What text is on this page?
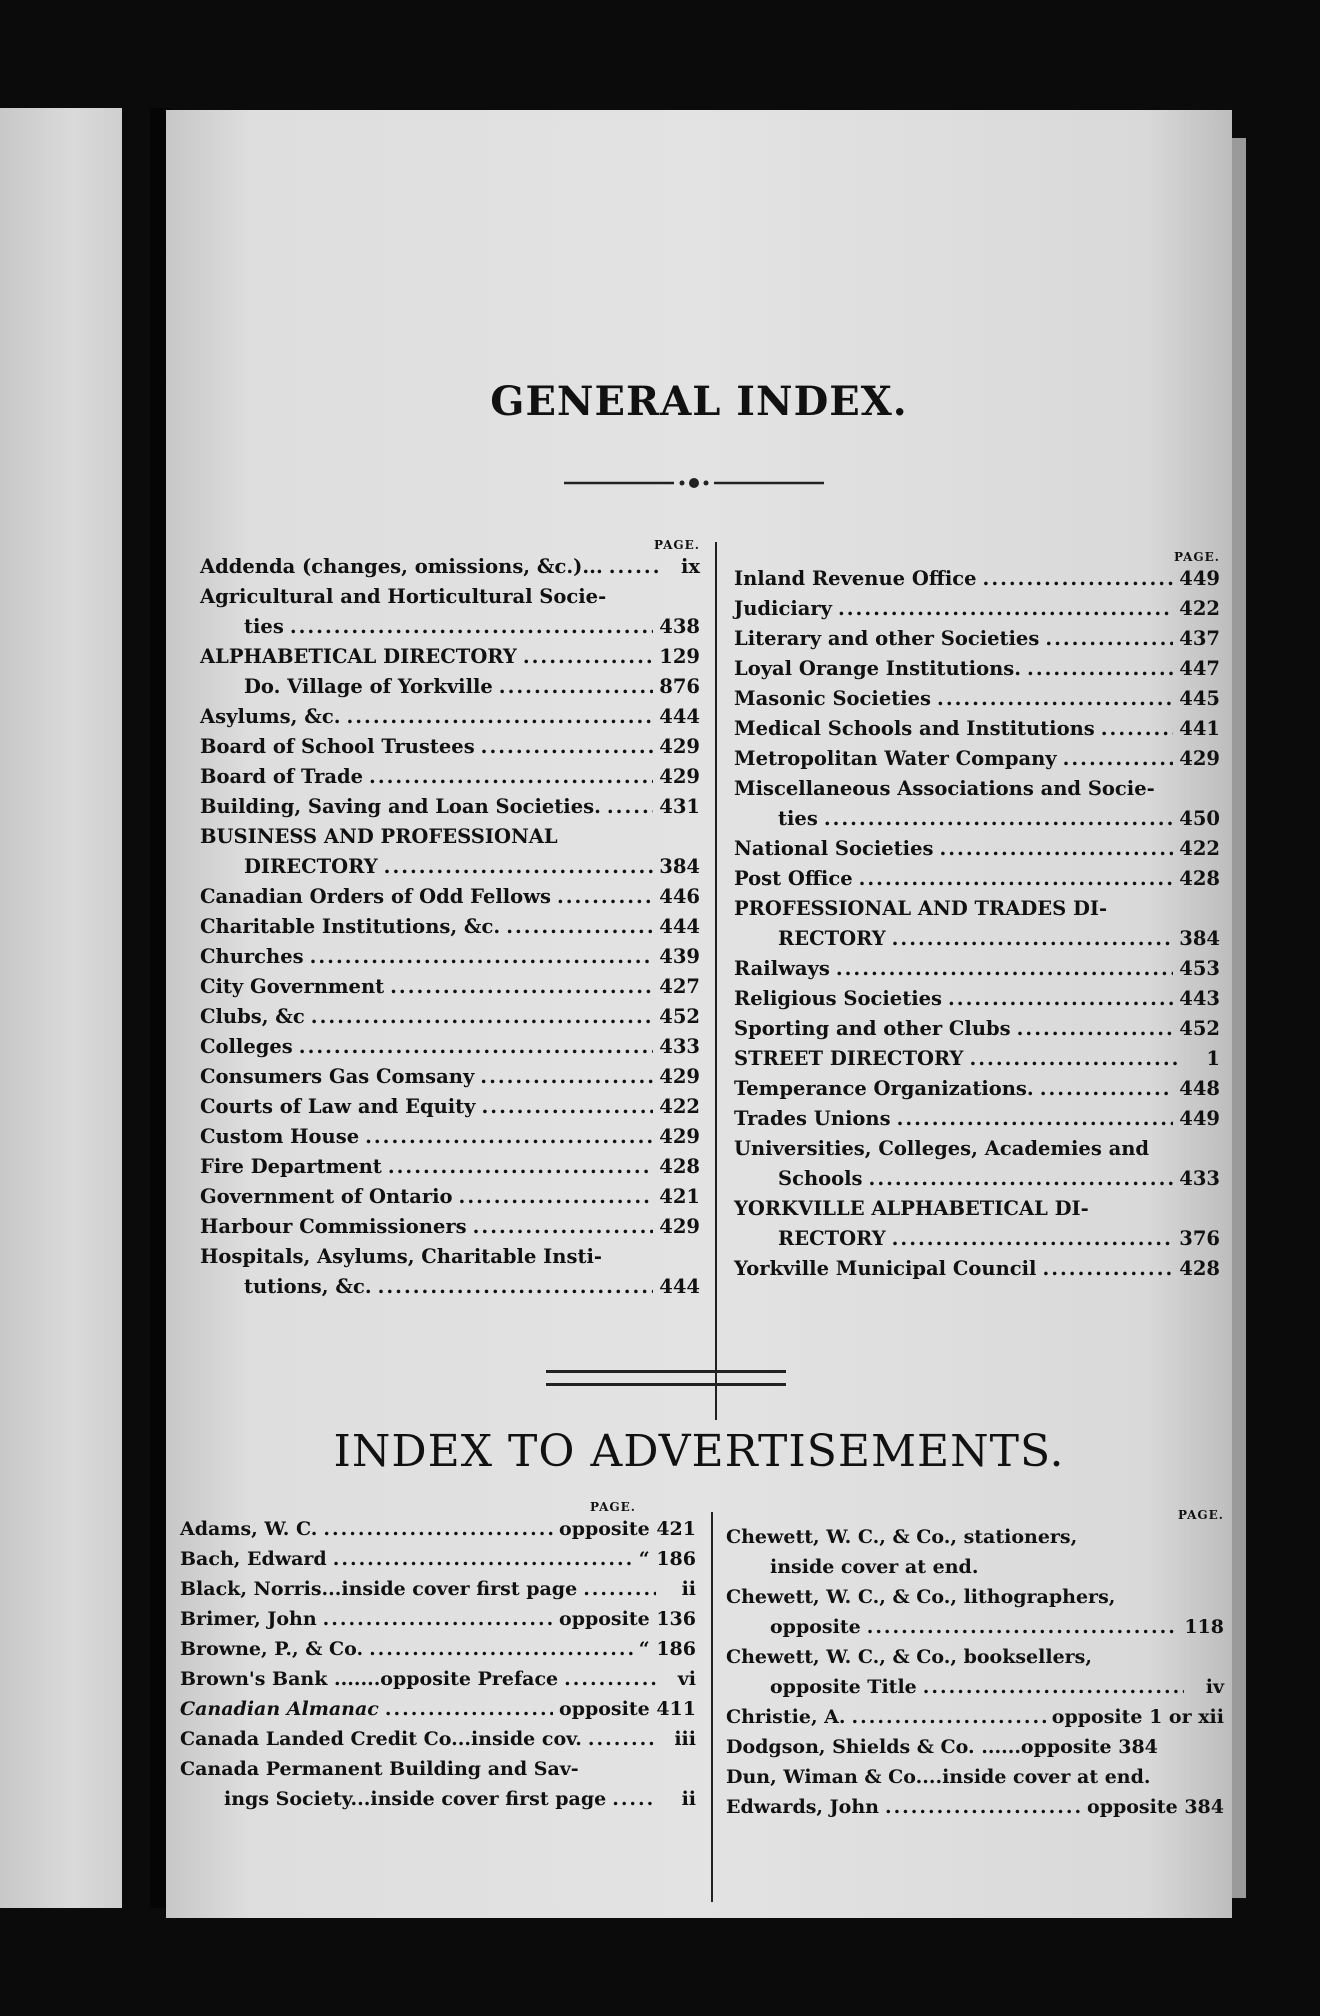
GENERAL INDEX.
PAGE.
Addenda (changes, omissions, &c.)... .....	ix
Agricultural and Horticultural Socie-
ties .....	438
ALPHABETICAL DIRECTORY .....	129
Do. Village of Yorkville .....	876
Asylums, &c. .....	444
Board of School Trustees .....	429
Board of Trade .....	429
Building, Saving and Loan Societies. .....	431
BUSINESS AND PROFESSIONAL
DIRECTORY .....	384
Canadian Orders of Odd Fellows .....	446
Charitable Institutions, &c. .....	444
Churches .....	439
City Government .....	427
Clubs, &c .....	452
Colleges .....	433
Consumers Gas Comsany .....	429
Courts of Law and Equity .....	422
Custom House .....	429
Fire Department .....	428
Government of Ontario .....	421
Harbour Commissioners .....	429
Hospitals, Asylums, Charitable Insti-
tutions, &c. .....	444
PAGE.
Inland Revenue Office .....	449
Judiciary .....	422
Literary and other Societies .....	437
Loyal Orange Institutions. .....	447
Masonic Societies .....	445
Medical Schools and Institutions .....	441
Metropolitan Water Company .....	429
Miscellaneous Associations and Socie-
ties .....	450
National Societies .....	422
Post Office .....	428
PROFESSIONAL AND TRADES DI-
RECTORY .....	384
Railways .....	453
Religious Societies .....	443
Sporting and other Clubs .....	452
STREET DIRECTORY .....	1
Temperance Organizations. .....	448
Trades Unions .....	449
Universities, Colleges, Academies and
Schools .....	433
YORKVILLE ALPHABETICAL DI-
RECTORY .....	376
Yorkville Municipal Council .....	428
INDEX TO ADVERTISEMENTS.
PAGE.
Adams, W. C. .....	opposite 421
Bach, Edward .....	“ 186
Black, Norris...inside cover first page .....	ii
Brimer, John .....	opposite 136
Browne, P., & Co. .....	“ 186
Brown's Bank .......opposite Preface .....	vi
Canadian Almanac .....	opposite 411
Canada Landed Credit Co...inside cov. .....	iii
Canada Permanent Building and Sav-
ings Society...inside cover first page .....	ii
PAGE.
Chewett, W. C., & Co., stationers,
inside cover at end.
Chewett, W. C., & Co., lithographers,
opposite .....	118
Chewett, W. C., & Co., booksellers,
opposite Title .....	iv
Christie, A. .....	opposite 1 or xii
Dodgson, Shields & Co. ......opposite 384
Dun, Wiman & Co....inside cover at end.
Edwards, John .....	opposite 384
